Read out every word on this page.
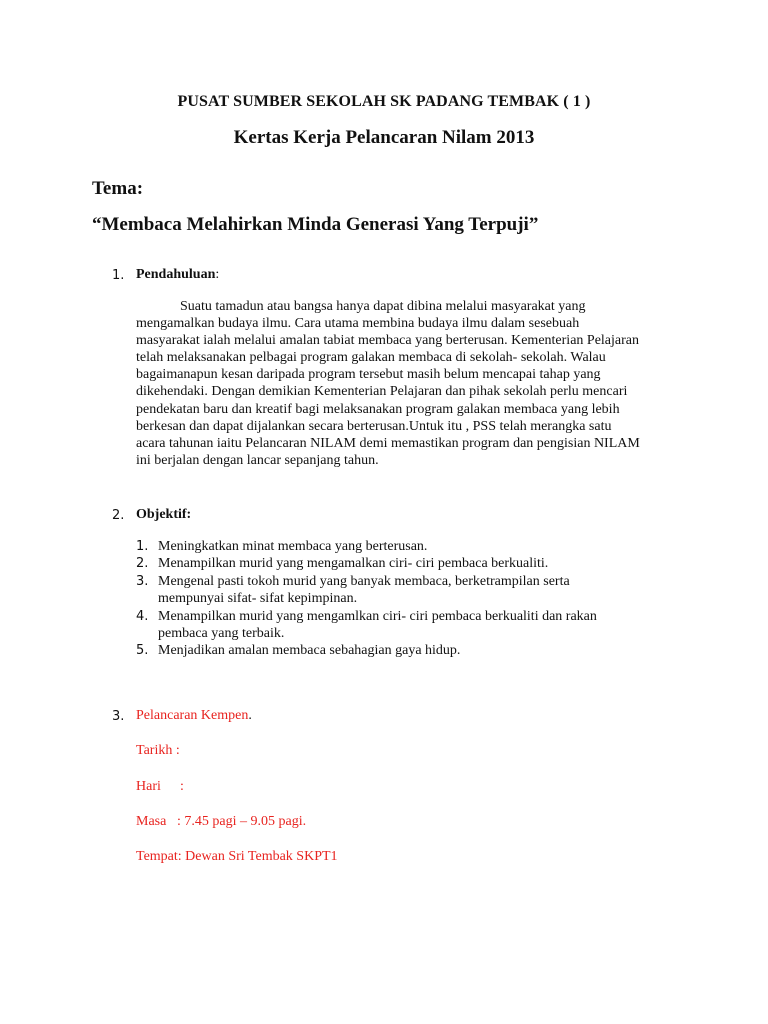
PUSAT SUMBER SEKOLAH SK PADANG TEMBAK ( 1 )
Kertas Kerja Pelancaran Nilam 2013
Tema:
“Membaca Melahirkan Minda Generasi Yang Terpuji”
1. Pendahuluan:
Suatu tamadun atau bangsa hanya dapat dibina melalui masyarakat yang
mengamalkan budaya ilmu. Cara utama membina budaya ilmu dalam sesebuah
masyarakat ialah melalui amalan tabiat membaca yang berterusan. Kementerian Pelajaran
telah melaksanakan pelbagai program galakan membaca di sekolah- sekolah. Walau
bagaimanapun kesan daripada program tersebut masih belum mencapai tahap yang
dikehendaki. Dengan demikian Kementerian Pelajaran dan pihak sekolah perlu mencari
pendekatan baru dan kreatif bagi melaksanakan program galakan membaca yang lebih
berkesan dan dapat dijalankan secara berterusan.Untuk itu , PSS telah merangka satu
acara tahunan iaitu Pelancaran NILAM demi memastikan program dan pengisian NILAM
ini berjalan dengan lancar sepanjang tahun.
2. Objektif:
1. Meningkatkan minat membaca yang berterusan.
2. Menampilkan murid yang mengamalkan ciri- ciri pembaca berkualiti.
3. Mengenal pasti tokoh murid yang banyak membaca, berketrampilan serta
mempunyai sifat- sifat kepimpinan.
4. Menampilkan murid yang mengamlkan ciri- ciri pembaca berkualiti dan rakan
pembaca yang terbaik.
5. Menjadikan amalan membaca sebahagian gaya hidup.
3. Pelancaran Kempen.
Tarikh :
Hari :
Masa : 7.45 pagi – 9.05 pagi.
Tempat: Dewan Sri Tembak SKPT1
